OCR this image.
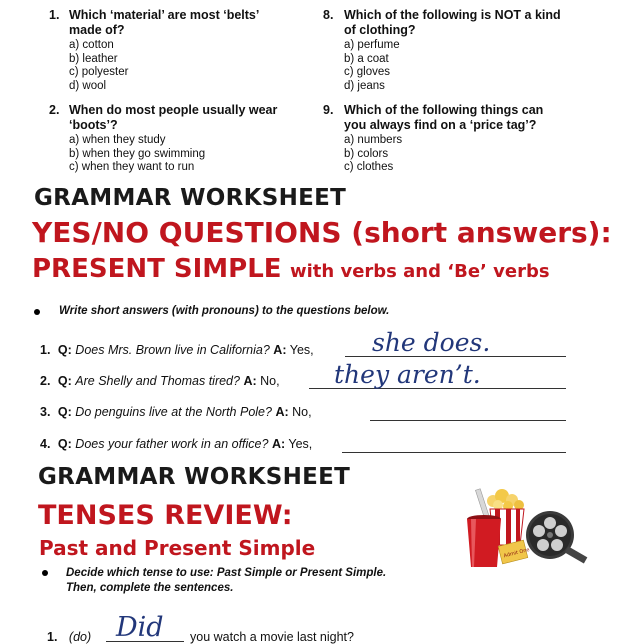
1. Which ‘material’ are most ‘belts’
made of?
a) cotton
b) leather
c) polyester
d) wool
2. When do most people usually wear
‘boots’?
a) when they study
b) when they go swimming
c) when they want to run
8. Which of the following is NOT a kind
of clothing?
a) perfume
b) a coat
c) gloves
d) jeans
9. Which of the following things can
you always find on a ‘price tag’?
a) numbers
b) colors
c) clothes
GRAMMAR WORKSHEET
YES/NO QUESTIONS (short answers):
PRESENT SIMPLE with verbs and ‘Be’ verbs
Write short answers (with pronouns) to the questions below.
1. Q: Does Mrs. Brown live in California? A: Yes, she does.
2. Q: Are Shelly and Thomas tired? A: No, they aren’t.
3. Q: Do penguins live at the North Pole? A: No,
4. Q: Does your father work in an office? A: Yes,
GRAMMAR WORKSHEET
TENSES REVIEW:
Past and Present Simple
Decide which tense to use: Past Simple or Present Simple.
Then, complete the sentences.
1. (do) Did you watch a movie last night?
Admit One
